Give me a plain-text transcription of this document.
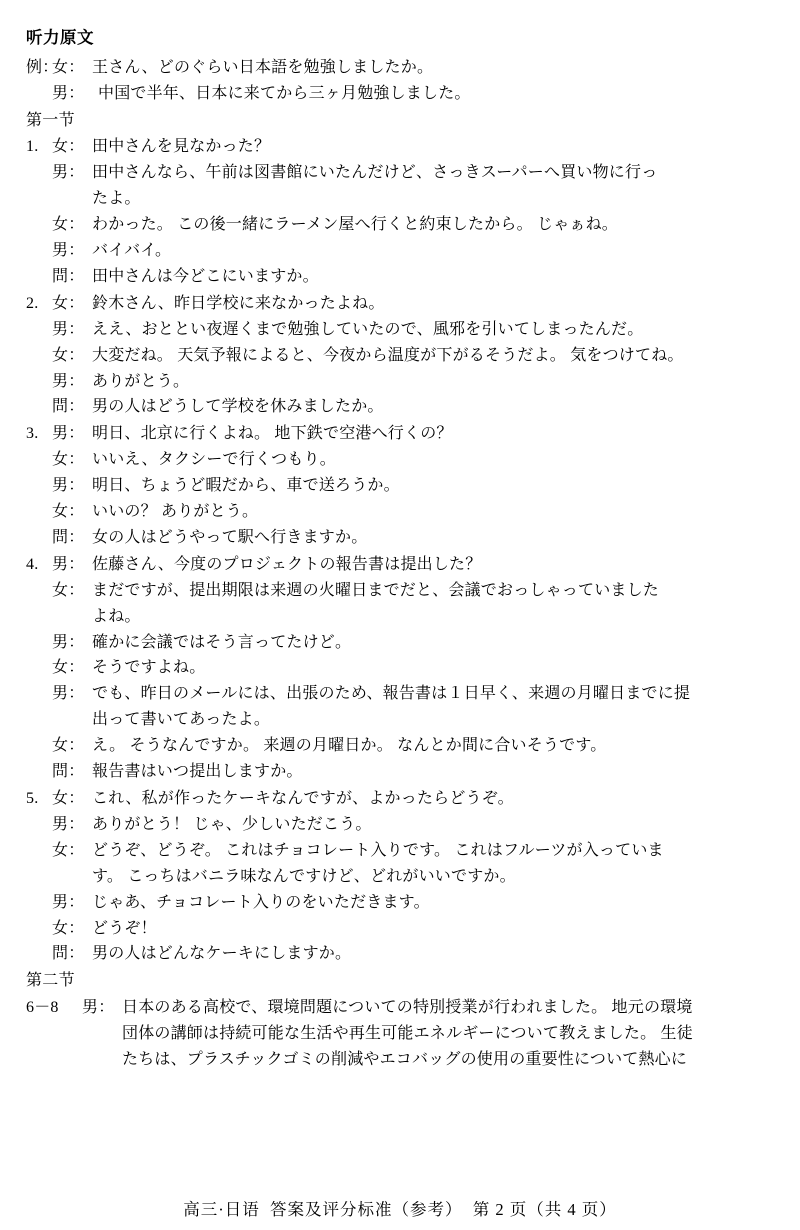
听力原文
例：
女： 王さん、どのぐらい日本語を勉強しましたか。

男： 中国で半年、日本に来てから三ヶ月勉強しました。
第一节
1. 女： 田中さんを見なかった？

男： 田中さんなら、午前は図書館にいたんだけど、さっきスーパーへ買い物に行っ

たよ。

女： わかった。 この後一緒にラーメン屋へ行くと約束したから。 じゃぁね。

男： バイバイ。

問： 田中さんは今どこにいますか。
2. 女： 鈴木さん、昨日学校に来なかったよね。

男： ええ、おととい夜遅くまで勉強していたので、風邪を引いてしまったんだ。

女： 大変だね。 天気予報によると、今夜から温度が下がるそうだよ。 気をつけてね。

男： ありがとう。

問： 男の人はどうして学校を休みましたか。
3. 男： 明日、北京に行くよね。 地下鉄で空港へ行くの？

女： いいえ、タクシーで行くつもり。

男： 明日、ちょうど暇だから、車で送ろうか。

女： いいの？ ありがとう。

問： 女の人はどうやって駅へ行きますか。
4. 男： 佐藤さん、今度のプロジェクトの報告書は提出した？

女： まだですが、提出期限は来週の火曜日までだと、会議でおっしゃっていました

よね。

男： 確かに会議ではそう言ってたけど。

女： そうですよね。

男： でも、昨日のメールには、出張のため、報告書は１日早く、来週の月曜日までに提

出って書いてあったよ。

女： え。 そうなんですか。 来週の月曜日か。 なんとか間に合いそうです。

問： 報告書はいつ提出しますか。
5. 女： これ、私が作ったケーキなんですが、よかったらどうぞ。

男： ありがとう！ じゃ、少しいただこう。

女： どうぞ、どうぞ。 これはチョコレート入りです。 これはフルーツが入っていま

す。 こっちはバニラ味なんですけど、どれがいいですか。

男： じゃあ、チョコレート入りのをいただきます。

女： どうぞ！

問： 男の人はどんなケーキにしますか。
第二节
6－8	男： 日本のある高校で、環境問題についての特別授業が行われました。 地元の環境

団体の講師は持続可能な生活や再生可能エネルギーについて教えました。 生徒

たちは、プラスチックゴミの削減やエコバッグの使用の重要性について熱心に
高三·日语  答案及评分标准（参考）  第 2 页（共 4 页）
